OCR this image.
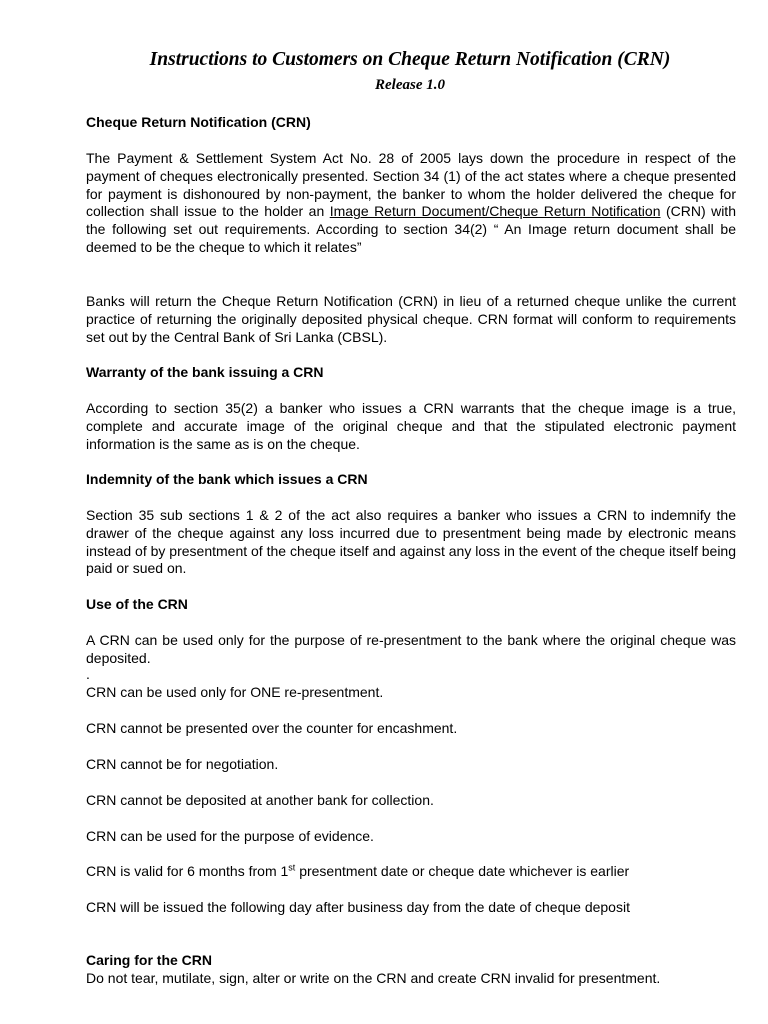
Instructions to Customers on Cheque Return Notification (CRN)
Release 1.0
Cheque Return Notification (CRN)
The Payment & Settlement System Act No. 28 of 2005 lays down the procedure in respect of the payment of cheques electronically presented. Section 34 (1) of the act states where a cheque presented for payment is dishonoured by non-payment, the banker to whom the holder delivered the cheque for collection shall issue to the holder an Image Return Document/Cheque Return Notification (CRN) with the following set out requirements. According to section 34(2) “ An Image return document shall be deemed to be the cheque to which it relates”
Banks will return the Cheque Return Notification (CRN) in lieu of a returned cheque unlike the current practice of returning the originally deposited physical cheque. CRN format will conform to requirements set out by the Central Bank of Sri Lanka (CBSL).
Warranty of the bank issuing a CRN
According to section 35(2) a banker who issues a CRN warrants that the cheque image is a true, complete and accurate image of the original cheque and that the stipulated electronic payment information is the same as is on the cheque.
Indemnity of the bank which issues a CRN
Section 35 sub sections 1 & 2 of the act also requires a banker who issues a CRN to indemnify the drawer of the cheque against any loss incurred due to presentment being made by electronic means instead of by presentment of the cheque itself and against any loss in the event of the cheque itself being paid or sued on.
Use of the CRN
A CRN can be used only for the purpose of re-presentment to the bank where the original cheque was deposited.
.
CRN can be used only for ONE re-presentment.
CRN cannot be presented over the counter for encashment.
CRN cannot be for negotiation.
CRN cannot be deposited at another bank for collection.
CRN can be used for the purpose of evidence.
CRN is valid for 6 months from 1st presentment date or cheque date whichever is earlier
CRN will be issued the following day after business day from the date of cheque deposit
Caring for the CRN
Do not tear, mutilate, sign, alter or write on the CRN and create CRN invalid for presentment.
